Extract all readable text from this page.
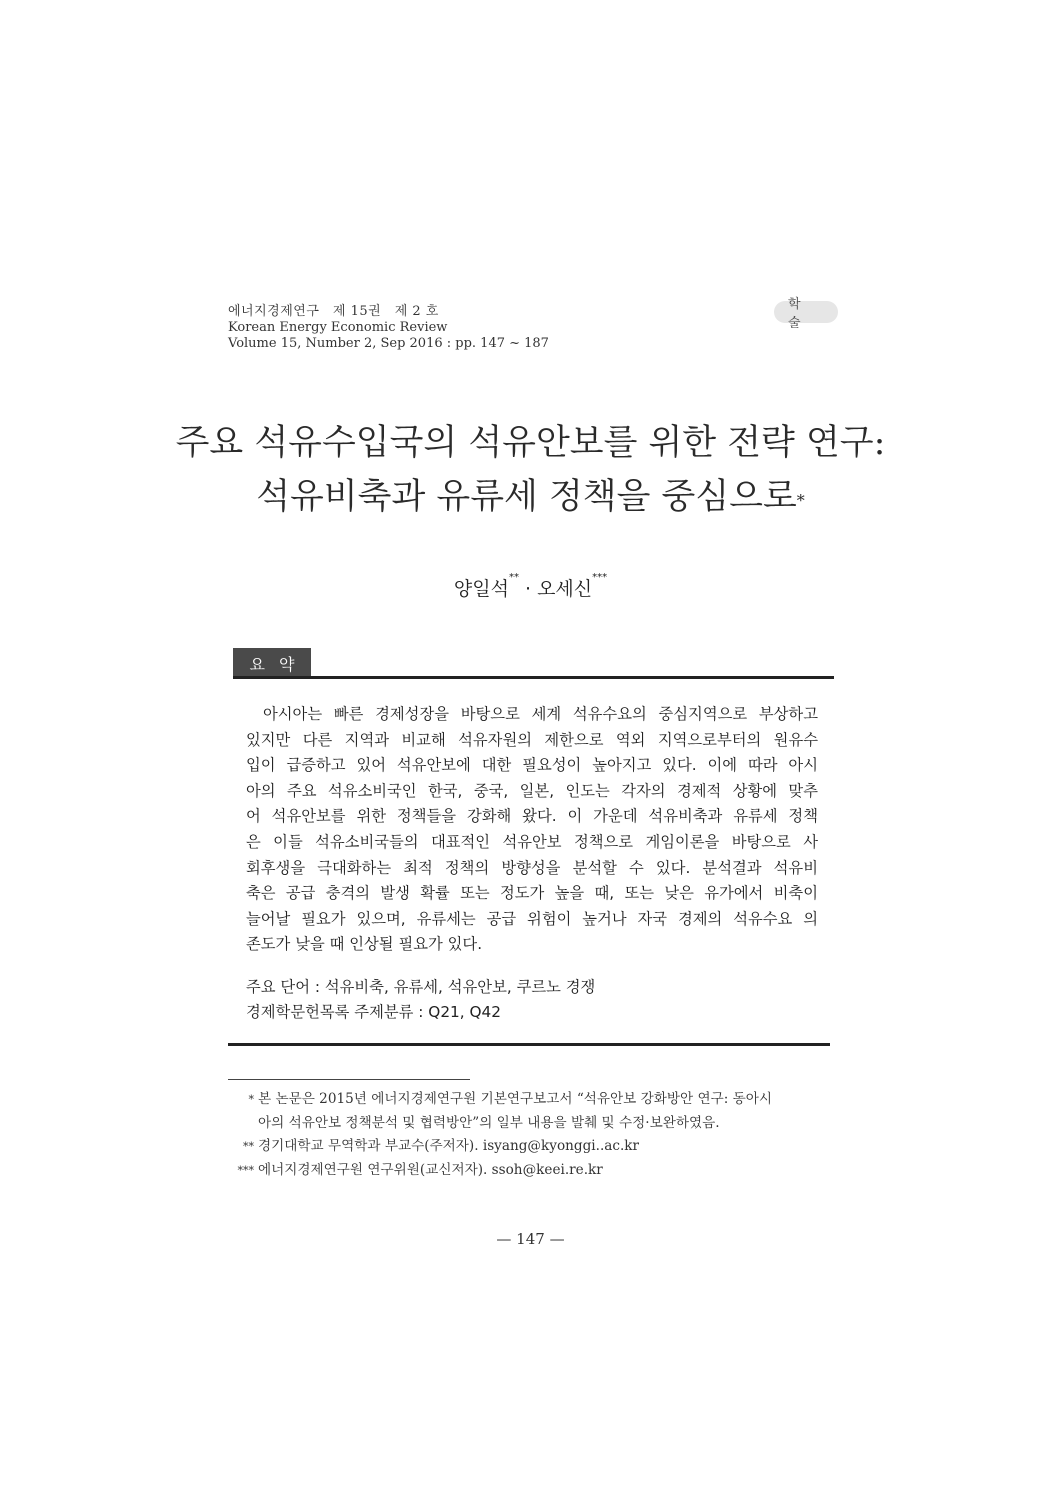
에너지경제연구　제 15권　제 2 호
Korean Energy Economic Review
Volume 15, Number 2, Sep 2016 : pp. 147 ~ 187
학술
주요 석유수입국의 석유안보를 위한 전략 연구:
석유비축과 유류세 정책을 중심으로*
양일석** · 오세신***
요약
아시아는 빠른 경제성장을 바탕으로 세계 석유수요의 중심지역으로 부상하고
있지만 다른 지역과 비교해 석유자원의 제한으로 역외 지역으로부터의 원유수
입이 급증하고 있어 석유안보에 대한 필요성이 높아지고 있다. 이에 따라 아시
아의 주요 석유소비국인 한국, 중국, 일본, 인도는 각자의 경제적 상황에 맞추
어 석유안보를 위한 정책들을 강화해 왔다. 이 가운데 석유비축과 유류세 정책
은 이들 석유소비국들의 대표적인 석유안보 정책으로 게임이론을 바탕으로 사
회후생을 극대화하는 최적 정책의 방향성을 분석할 수 있다. 분석결과 석유비
축은 공급 충격의 발생 확률 또는 정도가 높을 때, 또는 낮은 유가에서 비축이
늘어날 필요가 있으며, 유류세는 공급 위험이 높거나 자국 경제의 석유수요 의
존도가 낮을 때 인상될 필요가 있다.
주요 단어 : 석유비축, 유류세, 석유안보, 쿠르노 경쟁
경제학문헌목록 주제분류 : Q21, Q42
* 본 논문은 2015년 에너지경제연구원 기본연구보고서 “석유안보 강화방안 연구: 동아시
아의 석유안보 정책분석 및 협력방안”의 일부 내용을 발췌 및 수정·보완하였음.
** 경기대학교 무역학과 부교수(주저자). isyang@kyonggi..ac.kr
*** 에너지경제연구원 연구위원(교신저자). ssoh@keei.re.kr
— 147 —
